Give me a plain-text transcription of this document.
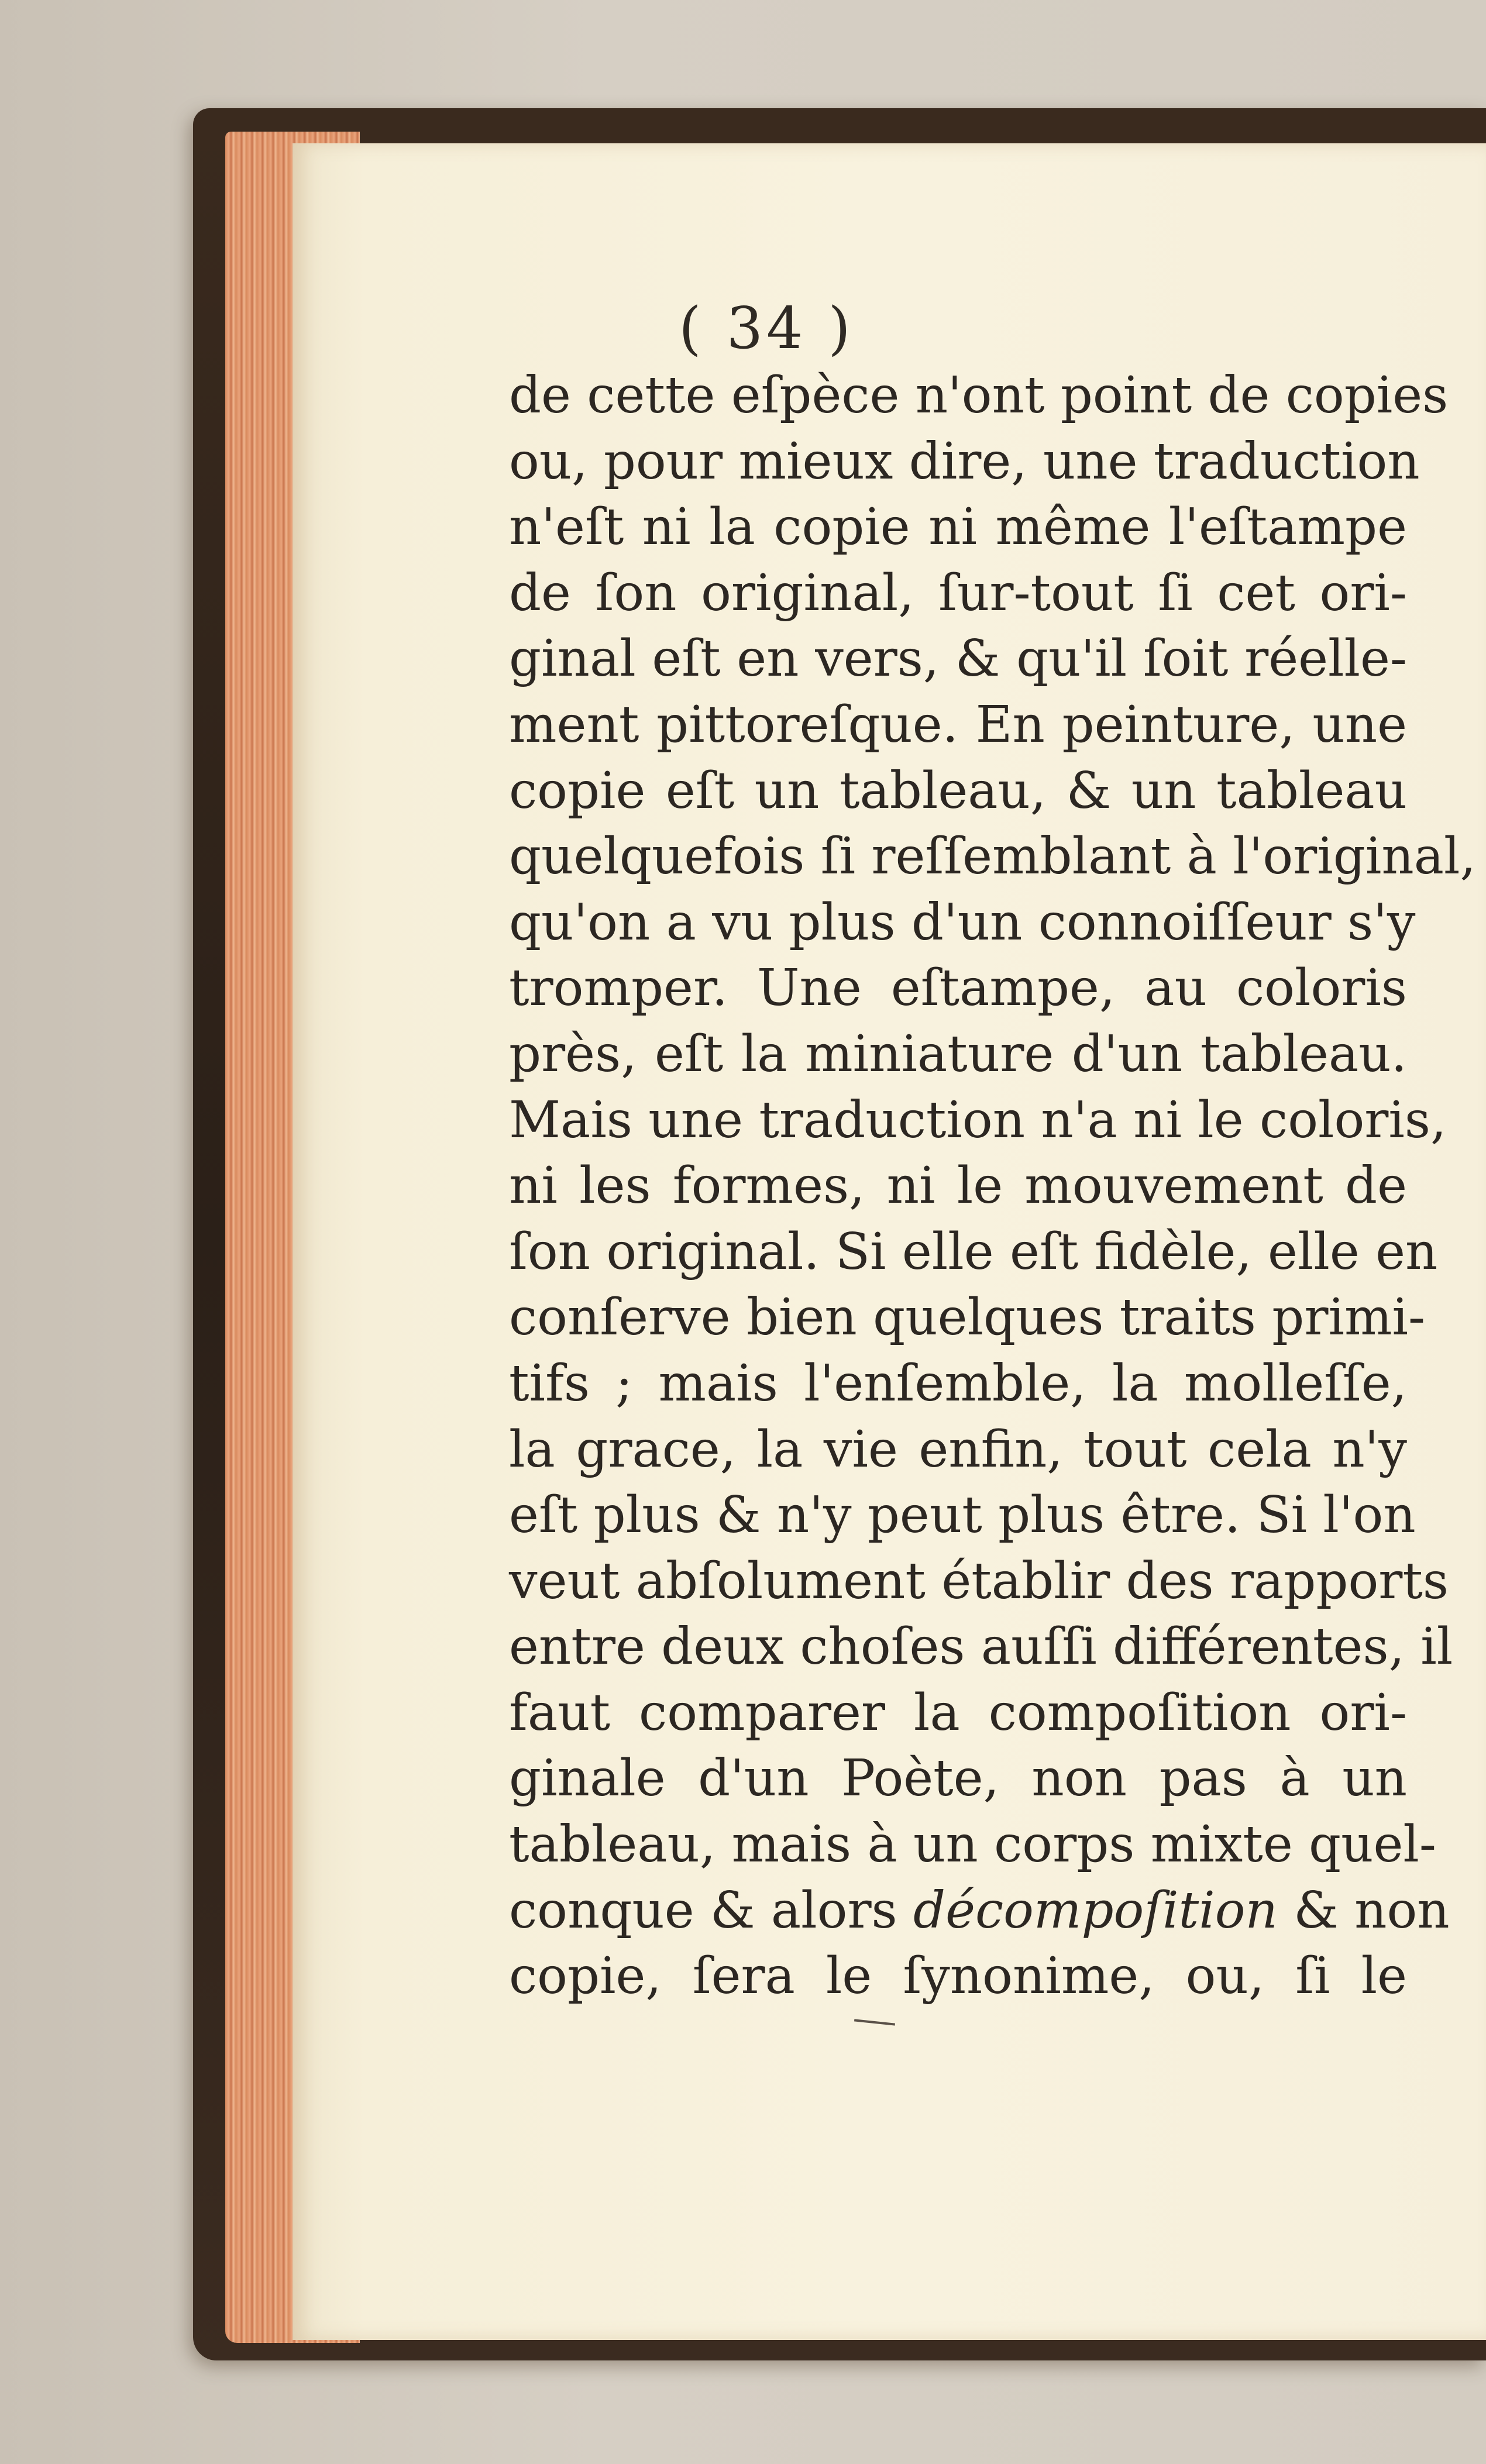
( 34 )
de cette eſpèce n'ont point de copies
ou, pour mieux dire, une traduction
n'eſt ni la copie ni même l'eſtampe
de ſon original, ſur-tout ſi cet ori-
ginal eſt en vers, & qu'il ſoit réelle-
ment pittoreſque. En peinture, une
copie eſt un tableau, & un tableau
quelquefois ſi reſſemblant à l'original,
qu'on a vu plus d'un connoiſſeur s'y
tromper. Une eſtampe, au coloris
près, eſt la miniature d'un tableau.
Mais une traduction n'a ni le coloris,
ni les formes, ni le mouvement de
ſon original. Si elle eſt fidèle, elle en
conſerve bien quelques traits primi-
tifs ; mais l'enſemble, la molleſſe,
la grace, la vie enfin, tout cela n'y
eſt plus & n'y peut plus être. Si l'on
veut abſolument établir des rapports
entre deux choſes auſſi différentes, il
faut comparer la compoſition ori-
ginale d'un Poète, non pas à un
tableau, mais à un corps mixte quel-
conque & alors décompoſition & non
copie, ſera le ſynonime, ou, ſi le
